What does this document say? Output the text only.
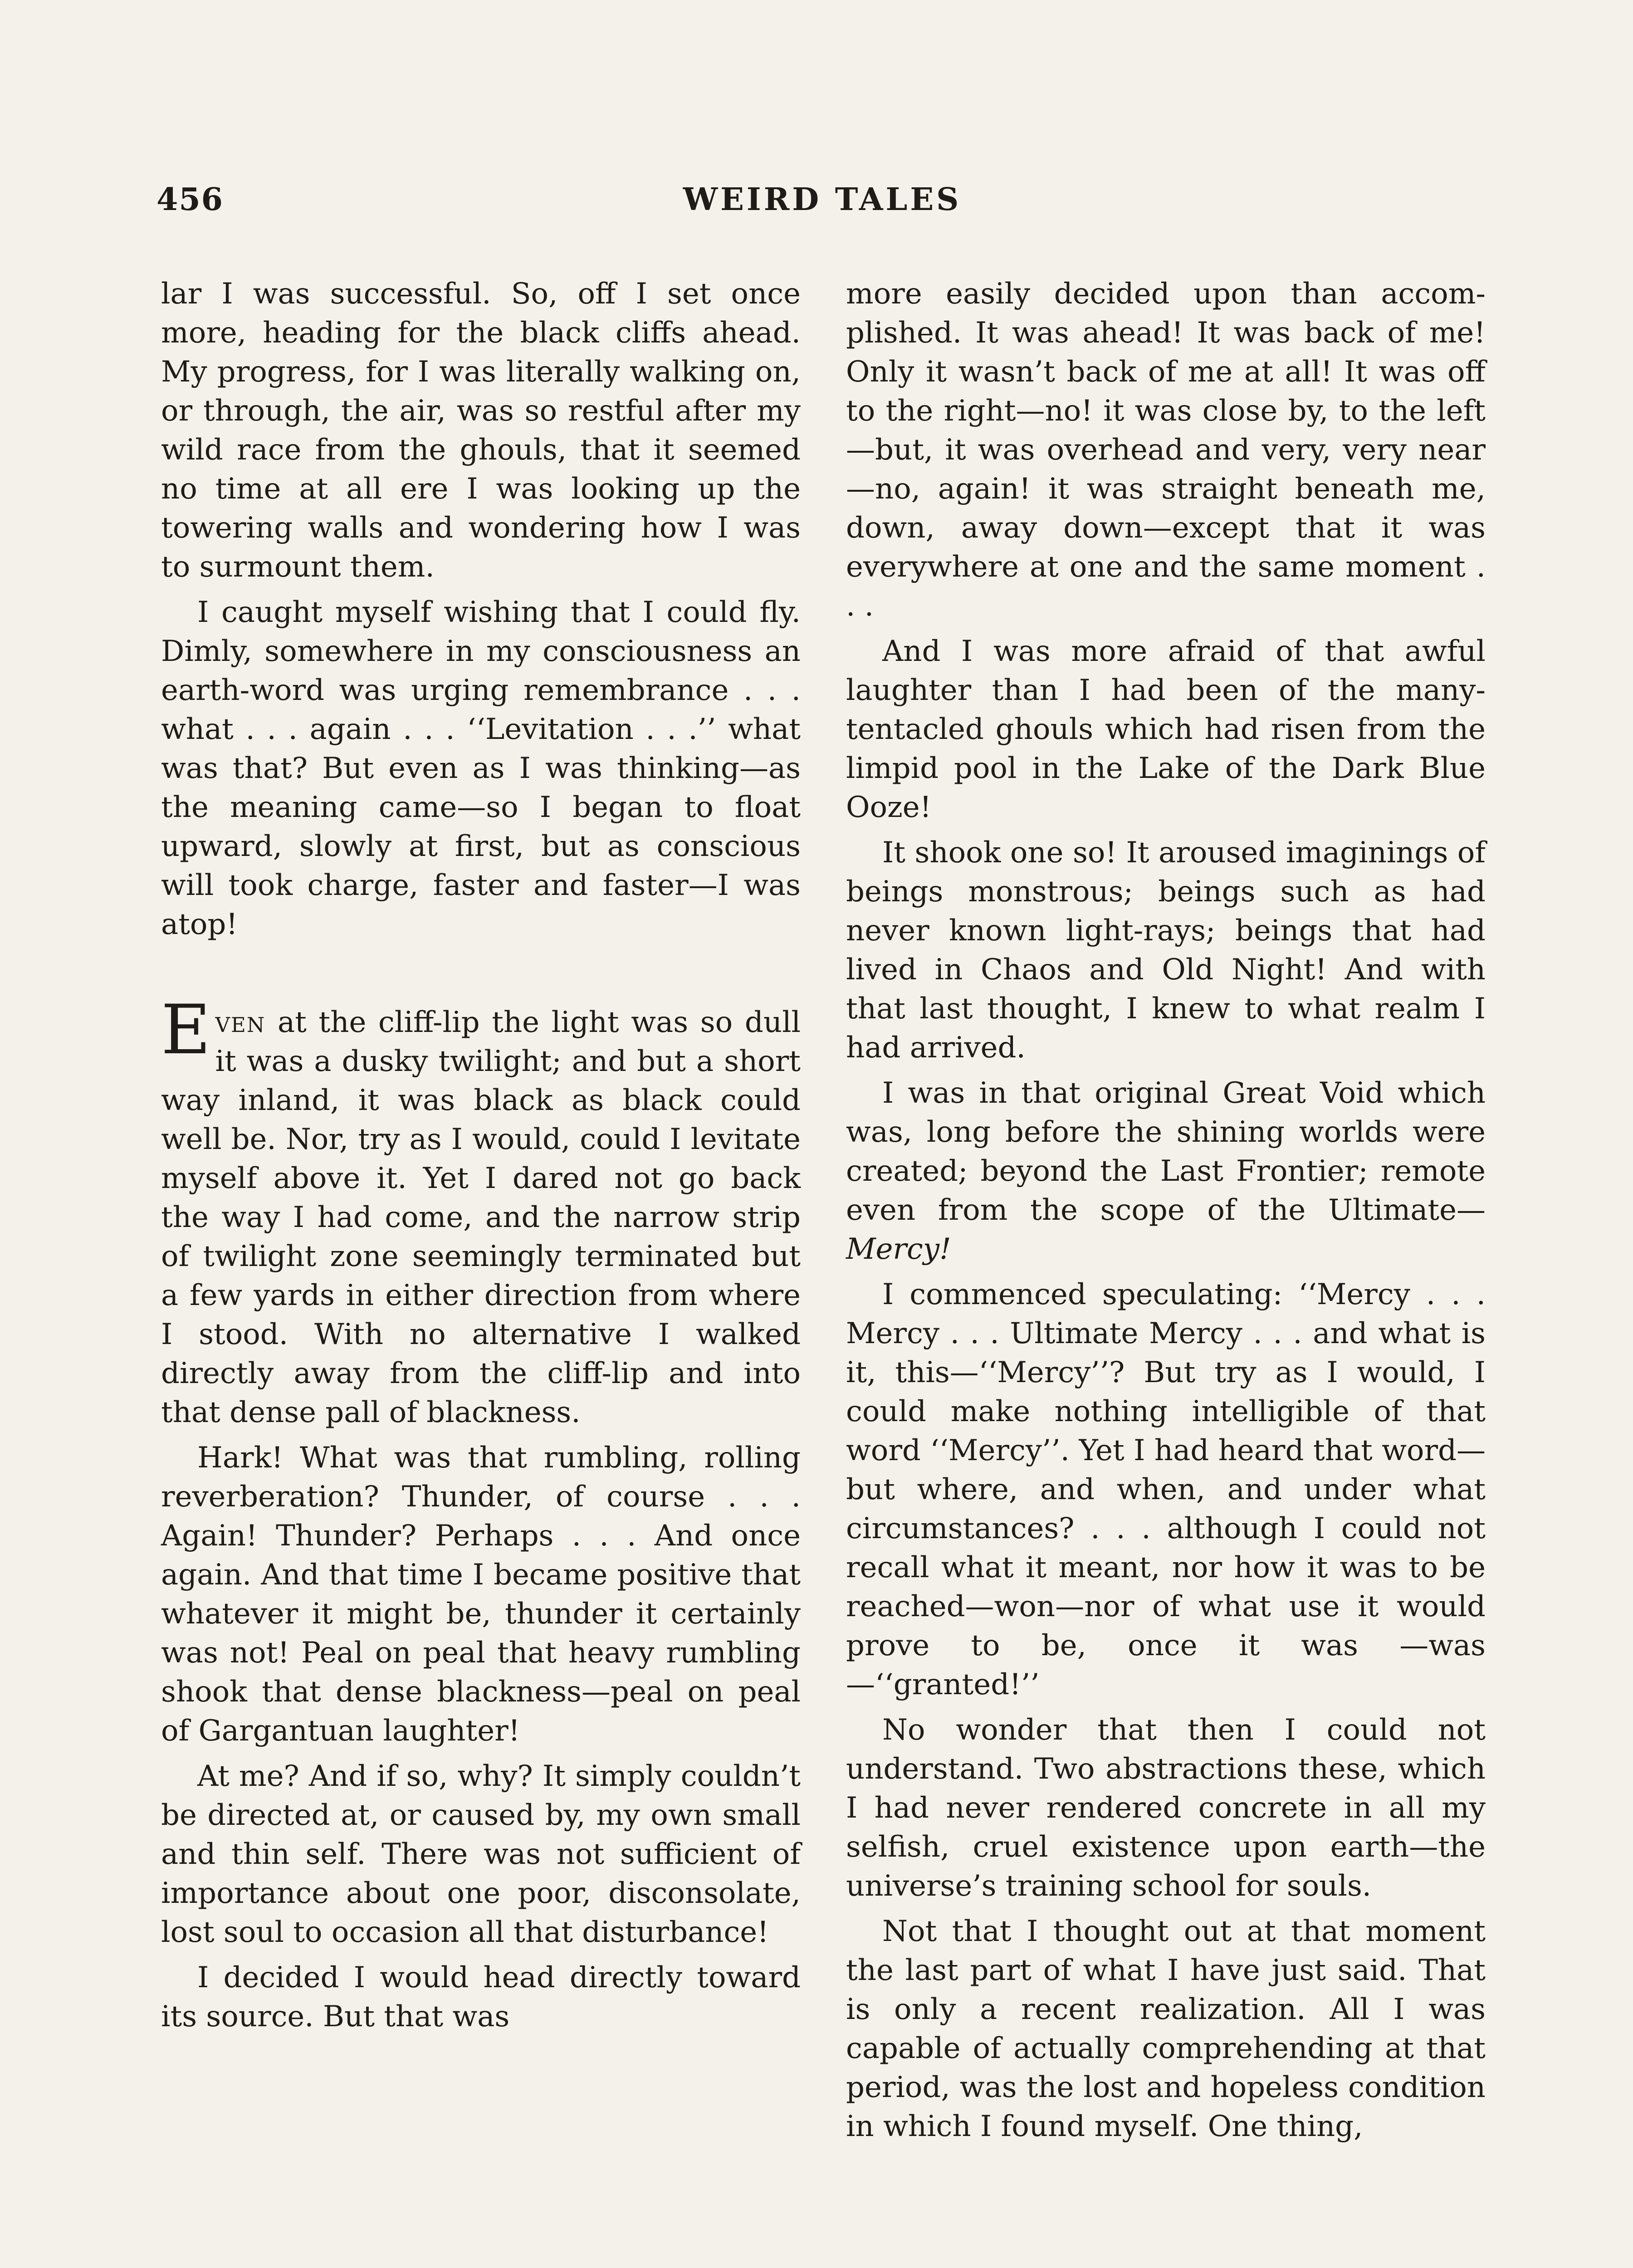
456	WEIRD TALES

lar I was successful. So, off I set once more, heading for the black cliffs ahead. My progress, for I was literally walking on, or through, the air, was so restful after my wild race from the ghouls, that it seemed no time at all ere I was looking up the towering walls and wondering how I was to surmount them.

I caught myself wishing that I could fly. Dimly, somewhere in my consciousness an earth-word was urging remembrance . . . what . . . again . . . ‘‘Levitation . . .’’ what was that? But even as I was thinking—as the meaning came—so I began to float upward, slowly at first, but as conscious will took charge, faster and faster—I was atop!

Even at the cliff-lip the light was so dull it was a dusky twilight; and but a short way inland, it was black as black could well be. Nor, try as I would, could I levitate myself above it. Yet I dared not go back the way I had come, and the narrow strip of twilight zone seemingly terminated but a few yards in either direction from where I stood. With no alternative I walked directly away from the cliff-lip and into that dense pall of blackness.

Hark! What was that rumbling, rolling reverberation? Thunder, of course . . . Again! Thunder? Perhaps . . . And once again. And that time I became positive that whatever it might be, thunder it certainly was not! Peal on peal that heavy rumbling shook that dense blackness—peal on peal of Gargantuan laughter!

At me? And if so, why? It simply couldn’t be directed at, or caused by, my own small and thin self. There was not sufficient of importance about one poor, disconsolate, lost soul to occasion all that disturbance!

I decided I would head directly toward its source. But that was

more easily decided upon than accomplished. It was ahead! It was back of me! Only it wasn’t back of me at all! It was off to the right—no! it was close by, to the left—but, it was overhead and very, very near—no, again! it was straight beneath me, down, away down—except that it was everywhere at one and the same moment . . .

And I was more afraid of that awful laughter than I had been of the many-tentacled ghouls which had risen from the limpid pool in the Lake of the Dark Blue Ooze!

It shook one so! It aroused imaginings of beings monstrous; beings such as had never known light-rays; beings that had lived in Chaos and Old Night! And with that last thought, I knew to what realm I had arrived.

I was in that original Great Void which was, long before the shining worlds were created; beyond the Last Frontier; remote even from the scope of the Ultimate—Mercy!

I commenced speculating: ‘‘Mercy . . . Mercy . . . Ultimate Mercy . . . and what is it, this—‘‘Mercy’’? But try as I would, I could make nothing intelligible of that word ‘‘Mercy’’. Yet I had heard that word—but where, and when, and under what circumstances? . . . although I could not recall what it meant, nor how it was to be reached—won—nor of what use it would prove to be, once it was —was—‘‘granted!’’

No wonder that then I could not understand. Two abstractions these, which I had never rendered concrete in all my selfish, cruel existence upon earth—the universe’s training school for souls.

Not that I thought out at that moment the last part of what I have just said. That is only a recent realization. All I was capable of actually comprehending at that period, was the lost and hopeless condition in which I found myself. One thing,
